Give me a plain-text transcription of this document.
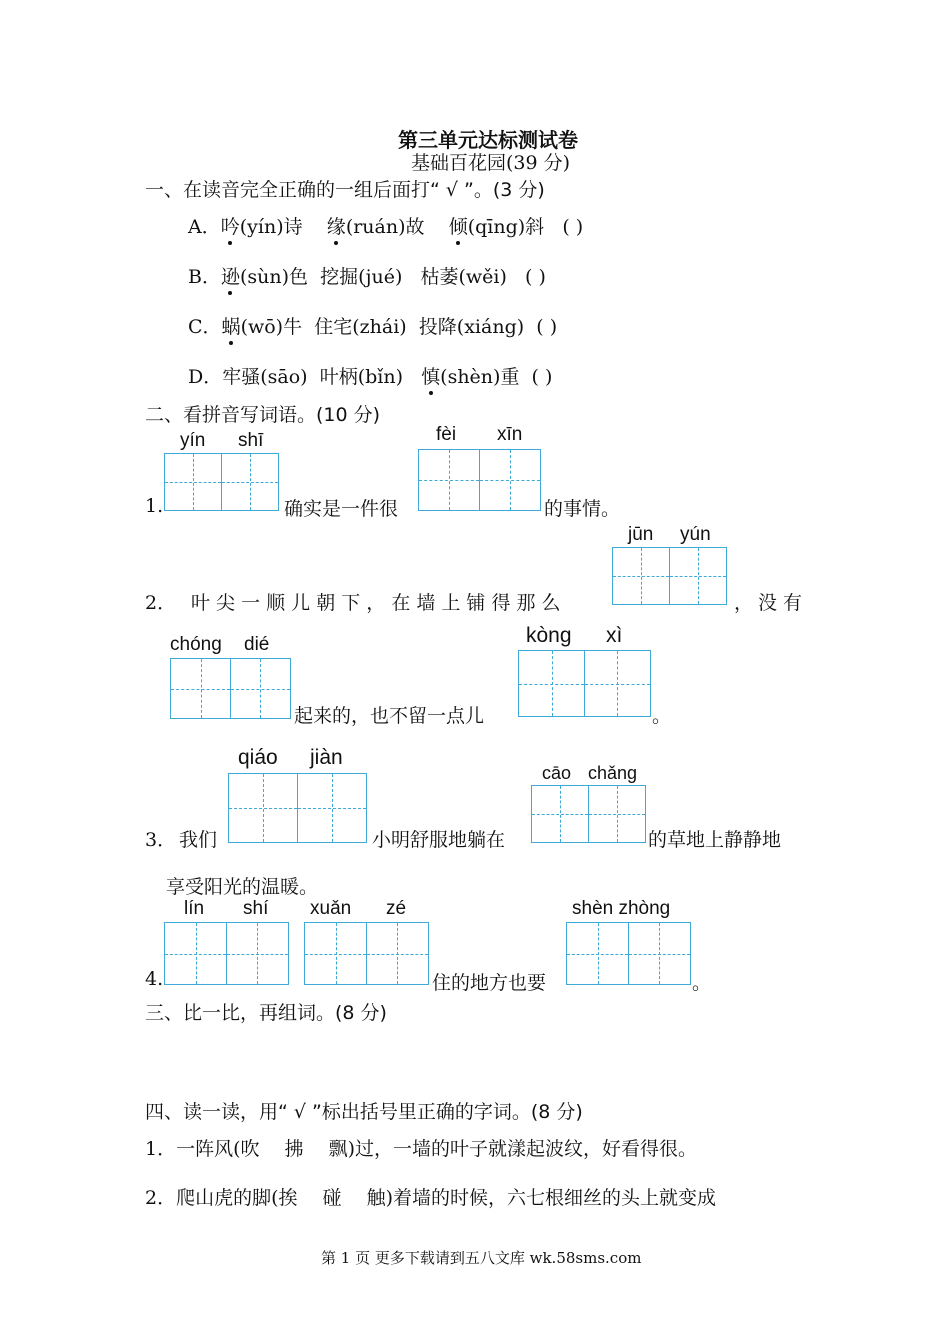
第三单元达标测试卷
基础百花园(39 分)
一、在读音完全正确的一组后面打“ √ ”。(3 分)
A．吟(yín)诗 缘(ruán)故 倾(qīng)斜 ( )
B．逊(sùn)色 挖掘(jué) 枯萎(wěi) ( )
C．蜗(wō)牛 住宅(zhái) 投降(xiáng) ( )
D．牢骚(sāo) 叶柄(bǐn) 慎(shèn)重 ( )
二、看拼音写词语。(10 分)
yín shī
1.	确实是一件很
fèi xīn
的事情。
jūn yún
2． 叶 尖 一 顺 儿 朝 下 ， 在 墙 上 铺 得 那 么	， 没 有
chóng dié
起来的，也不留一点儿
kòng xì
。
qiáo jiàn
3． 我们	小明舒服地躺在
cāo chǎng
的草地上静静地
享受阳光的温暖。
lín shí xuǎn zé
4.	住的地方也要
shèn zhòng
。
三、比一比，再组词。(8 分)
四、读一读，用“ √ ”标出括号里正确的字词。(8 分)
1．一阵风(吹　 拂　 飘)过，一墙的叶子就漾起波纹，好看得很。
2．爬山虎的脚(挨　 碰　 触)着墙的时候，六七根细丝的头上就变成
第 1 页 更多下载请到五八文库 wk.58sms.com
